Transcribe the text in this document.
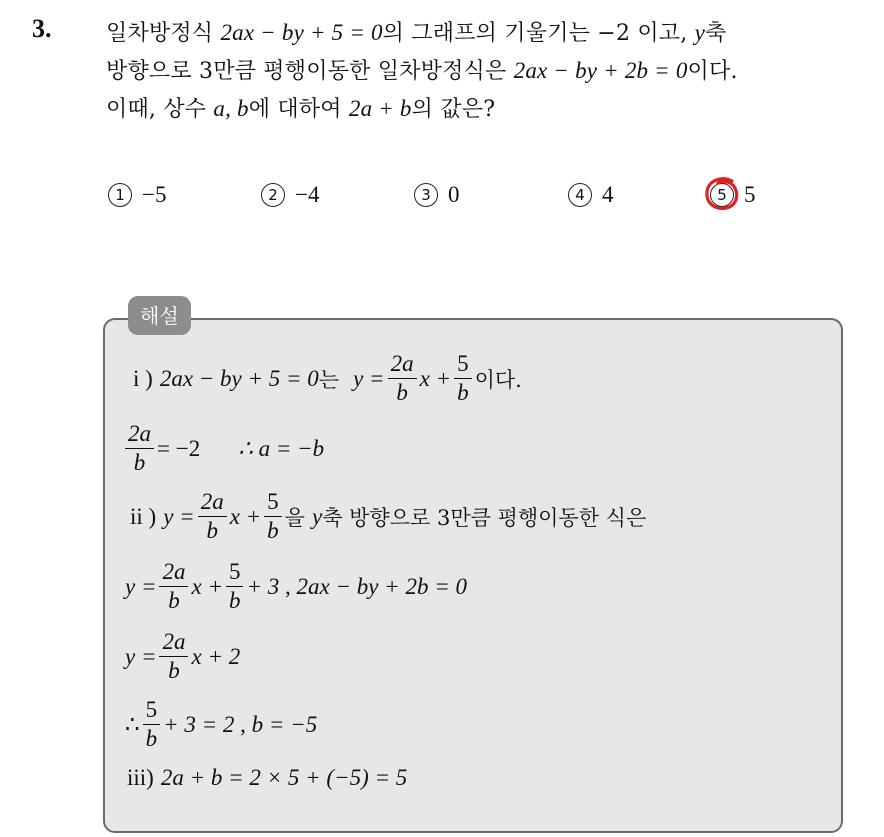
3. 일차방정식 2ax − by + 5 = 0의 그래프의 기울기는 −2 이고, y축
방향으로 3만큼 평행이동한 일차방정식은 2ax − by + 2b = 0이다.
이때, 상수 a, b에 대하여 2a + b의 값은?
1 −5	2 −4	3 0	4 4	5 5
해설
i )
2ax − by + 5 = 0 는
$y = \frac{2a}{b}$ $x + \frac{5}{b}$ 이다.
$\frac{2a}{b} = -2$ ∴ a = −b
ii )
$y = \frac{2a}{b}$ $x + \frac{5}{b}$ 을
y 축 방향으로 3만큼 평행이동한 식은
$y = \frac{2a}{b}$ $x + \frac{5}{b} + 3$ , 2ax − by + 2b = 0
$y = \frac{2a}{b}$ x + 2
∴ $\frac{5}{b} + 3 = 2$ , b = −5
iii)
2a + b = 2 × 5 + (−5) = 5
